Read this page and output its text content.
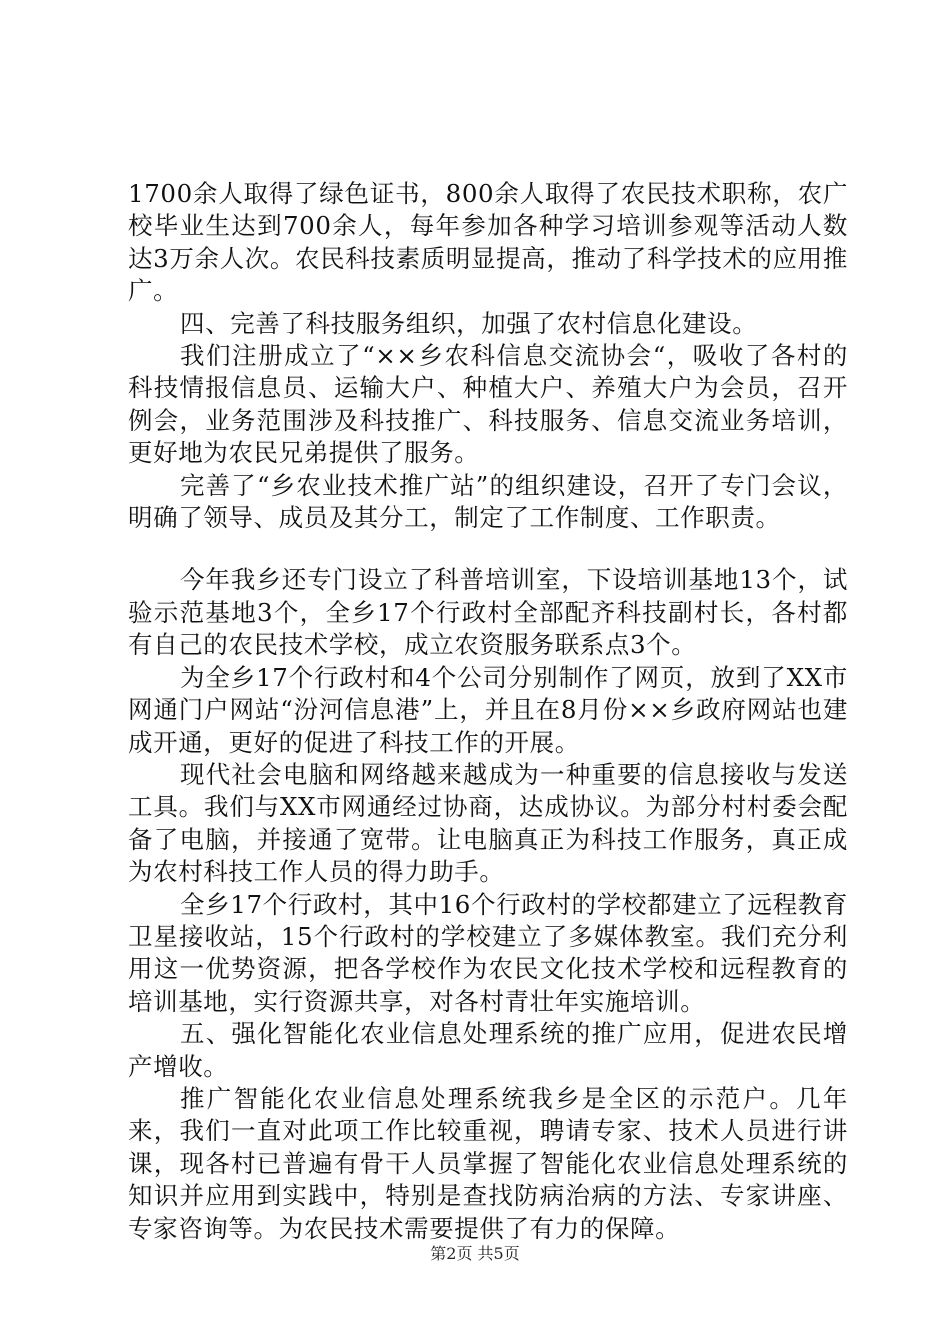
1700余人取得了绿色证书，800余人取得了农民技术职称，农广校毕业生达到700余人，每年参加各种学习培训参观等活动人数达3万余人次。农民科技素质明显提高，推动了科学技术的应用推广。

四、完善了科技服务组织，加强了农村信息化建设。

我们注册成立了“××乡农科信息交流协会“，吸收了各村的科技情报信息员、运输大户、种植大户、养殖大户为会员，召开例会，业务范围涉及科技推广、科技服务、信息交流业务培训，更好地为农民兄弟提供了服务。

完善了“乡农业技术推广站”的组织建设，召开了专门会议，明确了领导、成员及其分工，制定了工作制度、工作职责。

今年我乡还专门设立了科普培训室，下设培训基地13个，试验示范基地3个，全乡17个行政村全部配齐科技副村长，各村都有自己的农民技术学校，成立农资服务联系点3个。

为全乡17个行政村和4个公司分别制作了网页，放到了XX市网通门户网站“汾河信息港”上，并且在8月份××乡政府网站也建成开通，更好的促进了科技工作的开展。

现代社会电脑和网络越来越成为一种重要的信息接收与发送工具。我们与XX市网通经过协商，达成协议。为部分村村委会配备了电脑，并接通了宽带。让电脑真正为科技工作服务，真正成为农村科技工作人员的得力助手。

全乡17个行政村，其中16个行政村的学校都建立了远程教育卫星接收站，15个行政村的学校建立了多媒体教室。我们充分利用这一优势资源，把各学校作为农民文化技术学校和远程教育的培训基地，实行资源共享，对各村青壮年实施培训。

五、强化智能化农业信息处理系统的推广应用，促进农民增产增收。

推广智能化农业信息处理系统我乡是全区的示范户。几年来，我们一直对此项工作比较重视，聘请专家、技术人员进行讲课，现各村已普遍有骨干人员掌握了智能化农业信息处理系统的知识并应用到实践中，特别是查找防病治病的方法、专家讲座、专家咨询等。为农民技术需要提供了有力的保障。

第2页 共5页
